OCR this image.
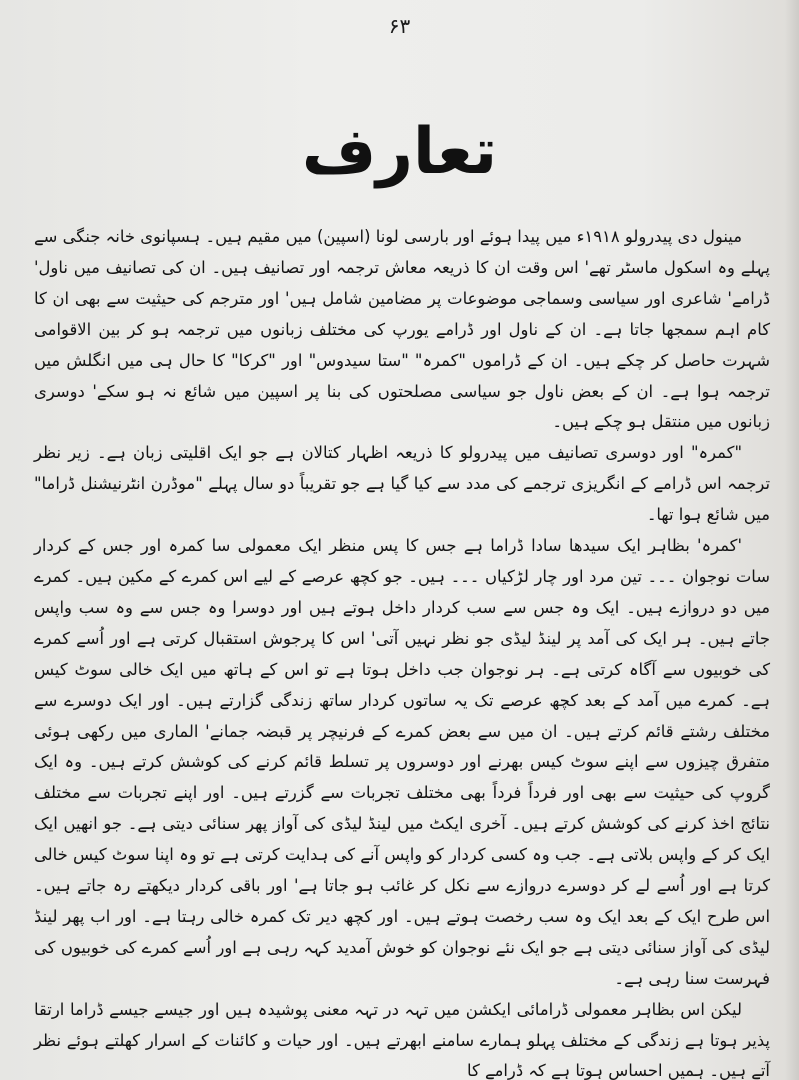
۶۳
تعارف

مینول دی پیدرولو ۱۹۱۸ء میں پیدا ہوئے اور بارسی لونا (اسپین) میں مقیم ہیں۔ ہسپانوی خانہ جنگی سے پہلے وہ اسکول ماسٹر تھے' اس وقت ان کا ذریعہ معاش ترجمہ اور تصانیف ہیں۔ ان کی تصانیف میں ناول' ڈرامے' شاعری اور سیاسی وسماجی موضوعات پر مضامین شامل ہیں' اور مترجم کی حیثیت سے بھی ان کا کام اہم سمجھا جاتا ہے۔ ان کے ناول اور ڈرامے یورپ کی مختلف زبانوں میں ترجمہ ہو کر بین الاقوامی شہرت حاصل کر چکے ہیں۔ ان کے ڈراموں "کمرہ" "ستا سیدوس" اور "کرکا" کا حال ہی میں انگلش میں ترجمہ ہوا ہے۔ ان کے بعض ناول جو سیاسی مصلحتوں کی بنا پر اسپین میں شائع نہ ہو سکے' دوسری زبانوں میں منتقل ہو چکے ہیں۔

"کمرہ" اور دوسری تصانیف میں پیدرولو کا ذریعہ اظہار کتالان ہے جو ایک اقلیتی زبان ہے۔ زیر نظر ترجمہ اس ڈرامے کے انگریزی ترجمے کی مدد سے کیا گیا ہے جو تقریباً دو سال پہلے "موڈرن انٹرنیشنل ڈراما" میں شائع ہوا تھا۔

'کمرہ' بظاہر ایک سیدھا سادا ڈراما ہے جس کا پس منظر ایک معمولی سا کمرہ اور جس کے کردار سات نوجوان ۔۔۔ تین مرد اور چار لڑکیاں ۔۔۔ ہیں۔ جو کچھ عرصے کے لیے اس کمرے کے مکین ہیں۔ کمرے میں دو دروازے ہیں۔ ایک وہ جس سے سب کردار داخل ہوتے ہیں اور دوسرا وہ جس سے وہ سب واپس جاتے ہیں۔ ہر ایک کی آمد پر لینڈ لیڈی جو نظر نہیں آتی' اس کا پرجوش استقبال کرتی ہے اور اُسے کمرے کی خوبیوں سے آگاہ کرتی ہے۔ ہر نوجوان جب داخل ہوتا ہے تو اس کے ہاتھ میں ایک خالی سوٹ کیس ہے۔ کمرے میں آمد کے بعد کچھ عرصے تک یہ ساتوں کردار ساتھ زندگی گزارتے ہیں۔ اور ایک دوسرے سے مختلف رشتے قائم کرتے ہیں۔ ان میں سے بعض کمرے کے فرنیچر پر قبضہ جمانے' الماری میں رکھی ہوئی متفرق چیزوں سے اپنے سوٹ کیس بھرنے اور دوسروں پر تسلط قائم کرنے کی کوشش کرتے ہیں۔ وہ ایک گروپ کی حیثیت سے بھی اور فرداً فرداً بھی مختلف تجربات سے گزرتے ہیں۔ اور اپنے تجربات سے مختلف نتائج اخذ کرنے کی کوشش کرتے ہیں۔ آخری ایکٹ میں لینڈ لیڈی کی آواز پھر سنائی دیتی ہے۔ جو انھیں ایک ایک کر کے واپس بلاتی ہے۔ جب وہ کسی کردار کو واپس آنے کی ہدایت کرتی ہے تو وہ اپنا سوٹ کیس خالی کرتا ہے اور اُسے لے کر دوسرے دروازے سے نکل کر غائب ہو جاتا ہے' اور باقی کردار دیکھتے رہ جاتے ہیں۔ اس طرح ایک کے بعد ایک وہ سب رخصت ہوتے ہیں۔ اور کچھ دیر تک کمرہ خالی رہتا ہے۔ اور اب پھر لینڈ لیڈی کی آواز سنائی دیتی ہے جو ایک نئے نوجوان کو خوش آمدید کہہ رہی ہے اور اُسے کمرے کی خوبیوں کی فہرست سنا رہی ہے۔

لیکن اس بظاہر معمولی ڈرامائی ایکشن میں تہہ در تہہ معنی پوشیدہ ہیں اور جیسے جیسے ڈراما ارتقا پذیر ہوتا ہے زندگی کے مختلف پہلو ہمارے سامنے ابھرتے ہیں۔ اور حیات و کائنات کے اسرار کھلتے ہوئے نظر آتے ہیں۔ ہمیں احساس ہوتا ہے کہ ڈرامے کا
